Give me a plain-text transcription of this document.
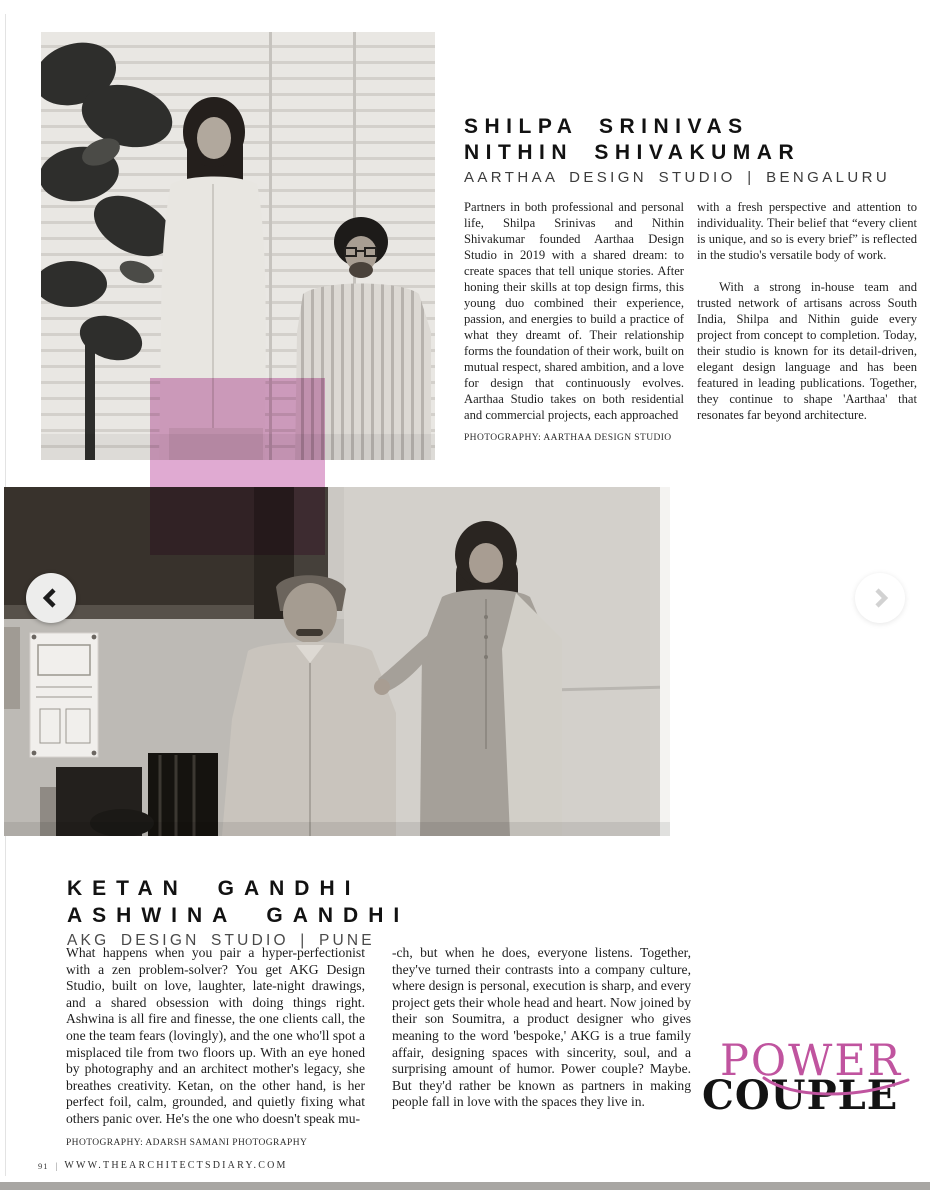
SHILPA SRINIVAS
NITHIN SHIVAKUMAR
AARTHAA DESIGN STUDIO | BENGALURU

Partners in both professional and personal life, Shilpa Srinivas and Nithin Shivakumar founded Aarthaa Design Studio in 2019 with a shared dream: to create spaces that tell unique stories. After honing their skills at top design firms, this young duo combined their experience, passion, and energies to build a practice of what they dreamt of. Their relationship forms the foundation of their work, built on mutual respect, shared ambition, and a love for design that continuously evolves. Aarthaa Studio takes on both residential and commercial projects, each approached

PHOTOGRAPHY: AARTHAA DESIGN STUDIO

with a fresh perspective and attention to individuality. Their belief that “every client is unique, and so is every brief” is reflected in the studio's versatile body of work.

With a strong in-house team and trusted network of artisans across South India, Shilpa and Nithin guide every project from concept to completion. Today, their studio is known for its detail-driven, elegant design language and has been featured in leading publications. Together, they continue to shape 'Aarthaa' that resonates far beyond architecture.

KETAN GANDHI
ASHWINA GANDHI
AKG DESIGN STUDIO | PUNE

What happens when you pair a hyper-perfectionist with a zen problem-solver? You get AKG Design Studio, built on love, laughter, late-night drawings, and a shared obsession with doing things right. Ashwina is all fire and finesse, the one clients call, the one the team fears (lovingly), and the one who'll spot a misplaced tile from two floors up. With an eye honed by photography and an architect mother's legacy, she breathes creativity. Ketan, on the other hand, is her perfect foil, calm, grounded, and quietly fixing what others panic over. He's the one who doesn't speak mu-

PHOTOGRAPHY: ADARSH SAMANI PHOTOGRAPHY

-ch, but when he does, everyone listens. Together, they've turned their contrasts into a company culture, where design is personal, execution is sharp, and every project gets their whole head and heart. Now joined by their son Soumitra, a product designer who gives meaning to the word 'bespoke,' AKG is a true family affair, designing spaces with sincerity, soul, and a surprising amount of humor. Power couple? Maybe. But they'd rather be known as partners in making people fall in love with the spaces they live in.

POWER
COUPLE
91 | WWW.THEARCHITECTSDIARY.COM
